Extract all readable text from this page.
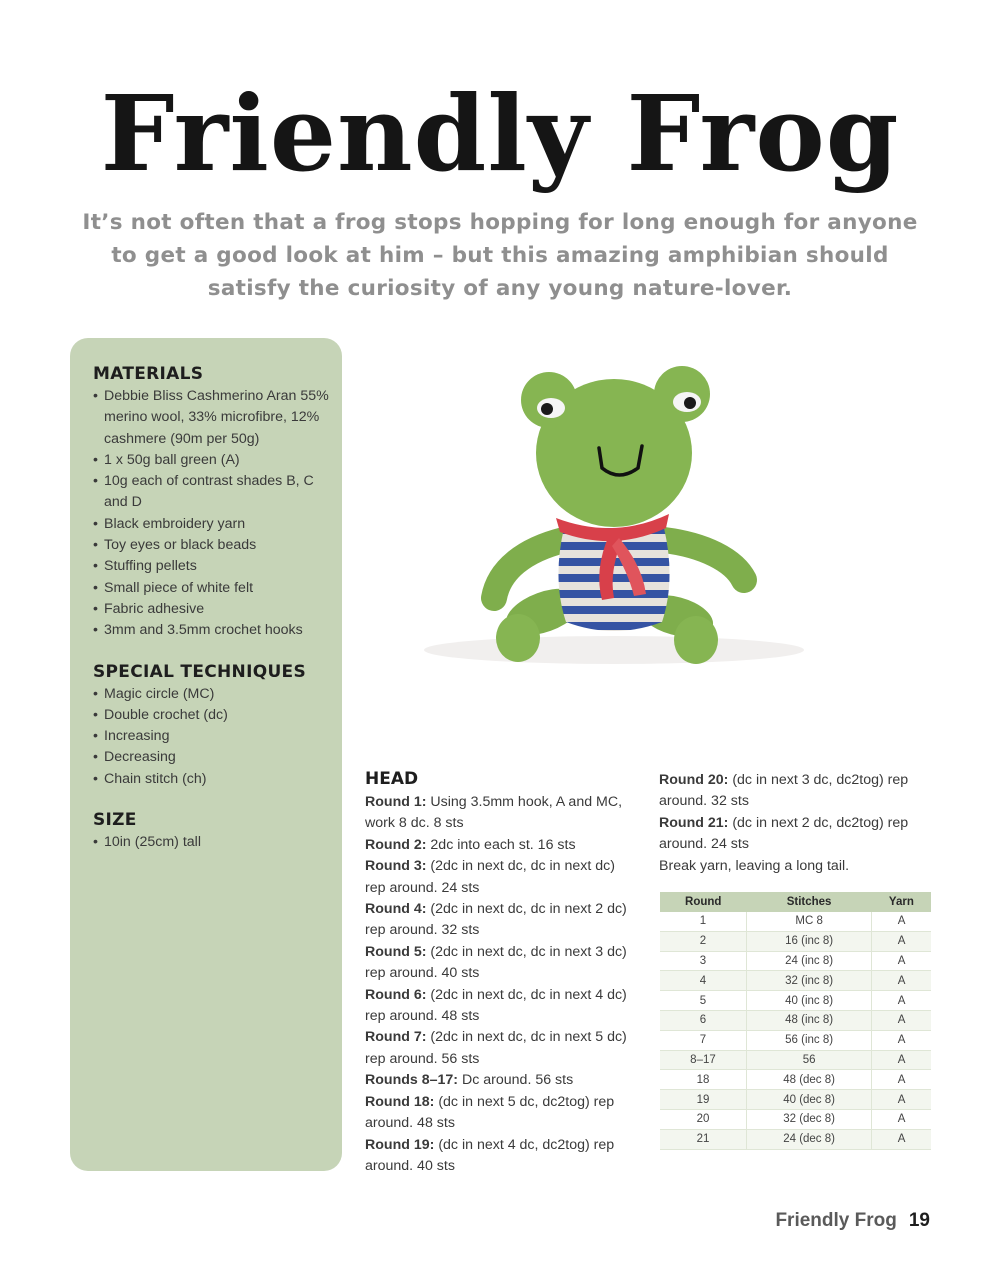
Friendly Frog
It’s not often that a frog stops hopping for long enough for anyone to get a good look at him – but this amazing amphibian should satisfy the curiosity of any young nature-lover.
MATERIALS
• Debbie Bliss Cashmerino Aran 55% merino wool, 33% microfibre, 12% cashmere (90m per 50g)
• 1 x 50g ball green (A)
• 10g each of contrast shades B, C and D
• Black embroidery yarn
• Toy eyes or black beads
• Stuffing pellets
• Small piece of white felt
• Fabric adhesive
• 3mm and 3.5mm crochet hooks
SPECIAL TECHNIQUES
• Magic circle (MC)
• Double crochet (dc)
• Increasing
• Decreasing
• Chain stitch (ch)
SIZE
• 10in (25cm) tall
HEAD

Round 1: Using 3.5mm hook, A and MC, work 8 dc. 8 sts

Round 2: 2dc into each st. 16 sts

Round 3: (2dc in next dc, dc in next dc) rep around. 24 sts

Round 4: (2dc in next dc, dc in next 2 dc) rep around. 32 sts

Round 5: (2dc in next dc, dc in next 3 dc) rep around. 40 sts

Round 6: (2dc in next dc, dc in next 4 dc) rep around. 48 sts

Round 7: (2dc in next dc, dc in next 5 dc) rep around. 56 sts

Rounds 8–17: Dc around. 56 sts

Round 18: (dc in next 5 dc, dc2tog) rep around. 48 sts

Round 19: (dc in next 4 dc, dc2tog) rep around. 40 sts

Round 20: (dc in next 3 dc, dc2tog) rep around. 32 sts

Round 21: (dc in next 2 dc, dc2tog) rep around. 24 sts

Break yarn, leaving a long tail.

Round	Stitches	Yarn
1	MC 8	A
2	16 (inc 8)	A
3	24 (inc 8)	A
4	32 (inc 8)	A
5	40 (inc 8)	A
6	48 (inc 8)	A
7	56 (inc 8)	A
8–17	56	A
18	48 (dec 8)	A
19	40 (dec 8)	A
20	32 (dec 8)	A
21	24 (dec 8)	A
Friendly Frog 19
